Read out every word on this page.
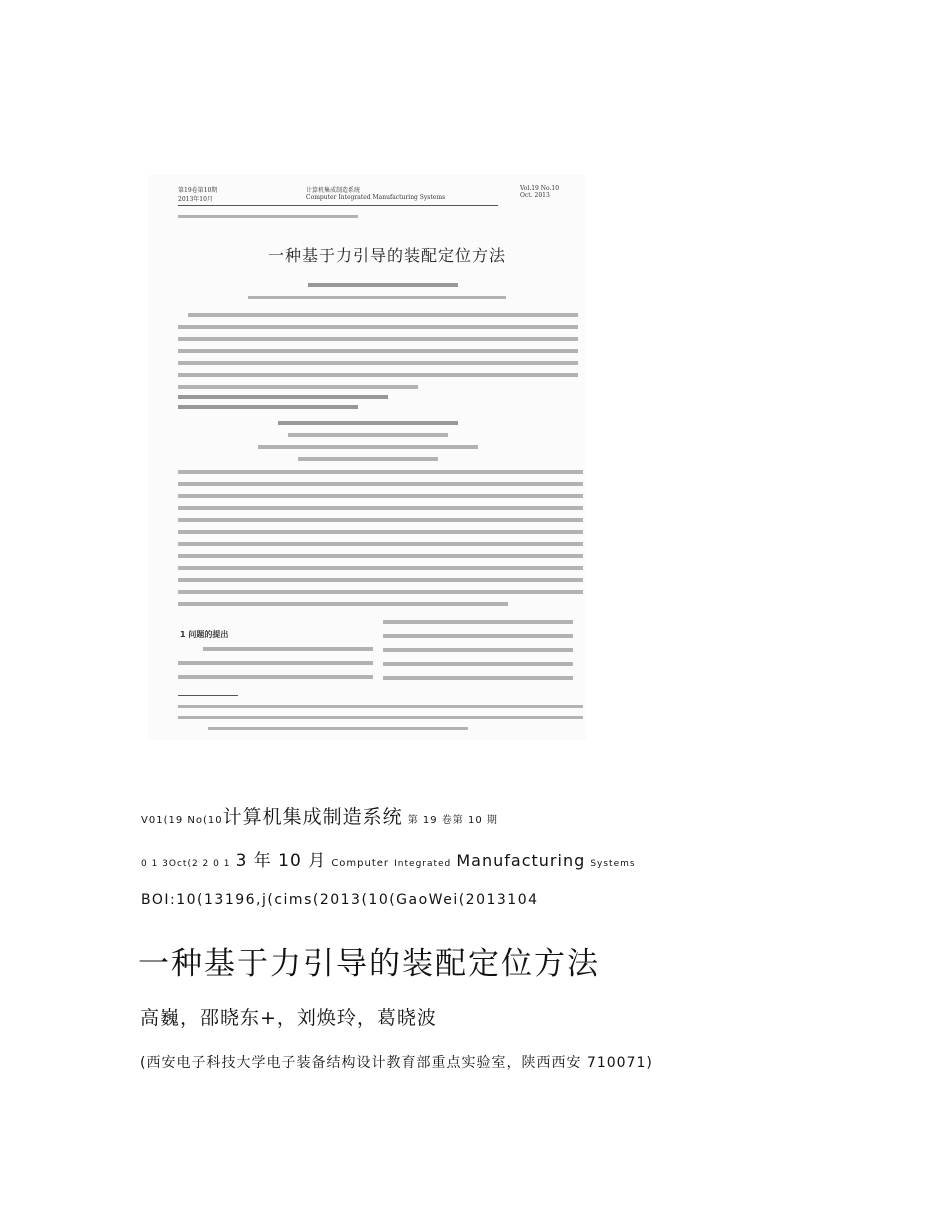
第19卷第10期
2013年10月
计算机集成制造系统
Computer Integrated Manufacturing Systems
Vol.19 No.10
Oct. 2013
一种基于力引导的装配定位方法
1 问题的提出
V01(19 No(10计算机集成制造系统 第 19 卷第 10 期
0 1 3Oct(2 2 0 1 3 年 10 月 Computer Integrated Manufacturing Systems
BOI:10(13196,j(cims(2013(10(GaoWei(2013104
一种基于力引导的装配定位方法
高巍，邵晓东+，刘焕玲，葛晓波
(西安电子科技大学电子装备结构设计教育部重点实验室，陕西西安 710071)
